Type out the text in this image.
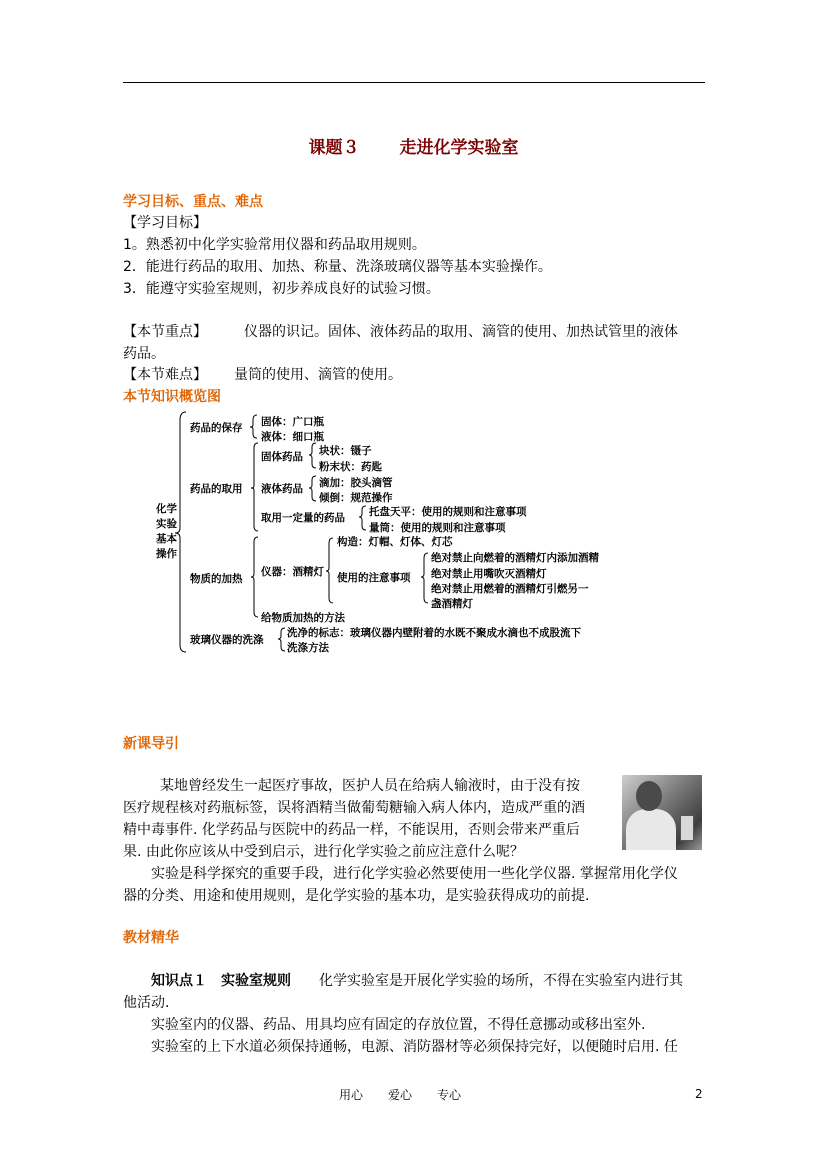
课题３ 走进化学实验室
学习目标、重点、难点
【学习目标】
1。熟悉初中化学实验常用仪器和药品取用规则。
2．能进行药品的取用、加热、称量、洗涤玻璃仪器等基本实验操作。
3．能遵守实验室规则，初步养成良好的试验习惯。
【本节重点】	仪器的识记。固体、液体药品的取用、滴管的使用、加热试管里的液体
药品。
【本节难点】 量筒的使用、滴管的使用。
本节知识概览图
化学
实验
基本
操作
药品的保存 固体：广口瓶
液体：细口瓶
药品的取用
固体药品 块状：镊子
粉末状：药匙
液体药品 滴加：胶头滴管
倾倒：规范操作
取用一定量的药品 托盘天平：使用的规则和注意事项
量筒：使用的规则和注意事项
物质的加热
仪器：酒精灯
构造：灯帽、灯体、灯芯
使用的注意事项
绝对禁止向燃着的酒精灯内添加酒精
绝对禁止用嘴吹灭酒精灯
绝对禁止用燃着的酒精灯引燃另一
盏酒精灯
给物质加热的方法
玻璃仪器的洗涤
洗净的标志：玻璃仪器内壁附着的水既不聚成水滴也不成股流下
洗涤方法
新课导引
某地曾经发生一起医疗事故，医护人员在给病人输液时，由于没有按
医疗规程核对药瓶标签，误将酒精当做葡萄糖输入病人体内，造成严重的酒
精中毒事件. 化学药品与医院中的药品一样，不能误用，否则会带来严重后
果. 由此你应该从中受到启示，进行化学实验之前应注意什么呢？
实验是科学探究的重要手段，进行化学实验必然要使用一些化学仪器. 掌握常用化学仪
器的分类、用途和使用规则，是化学实验的基本功，是实验获得成功的前提.
教材精华
知识点１　实验室规则 化学实验室是开展化学实验的场所，不得在实验室内进行其
他活动.
实验室内的仪器、药品、用具均应有固定的存放位置，不得任意挪动或移出室外.
实验室的上下水道必须保持通畅，电源、消防器材等必须保持完好，以便随时启用. 任
用心 爱心 专心	2
